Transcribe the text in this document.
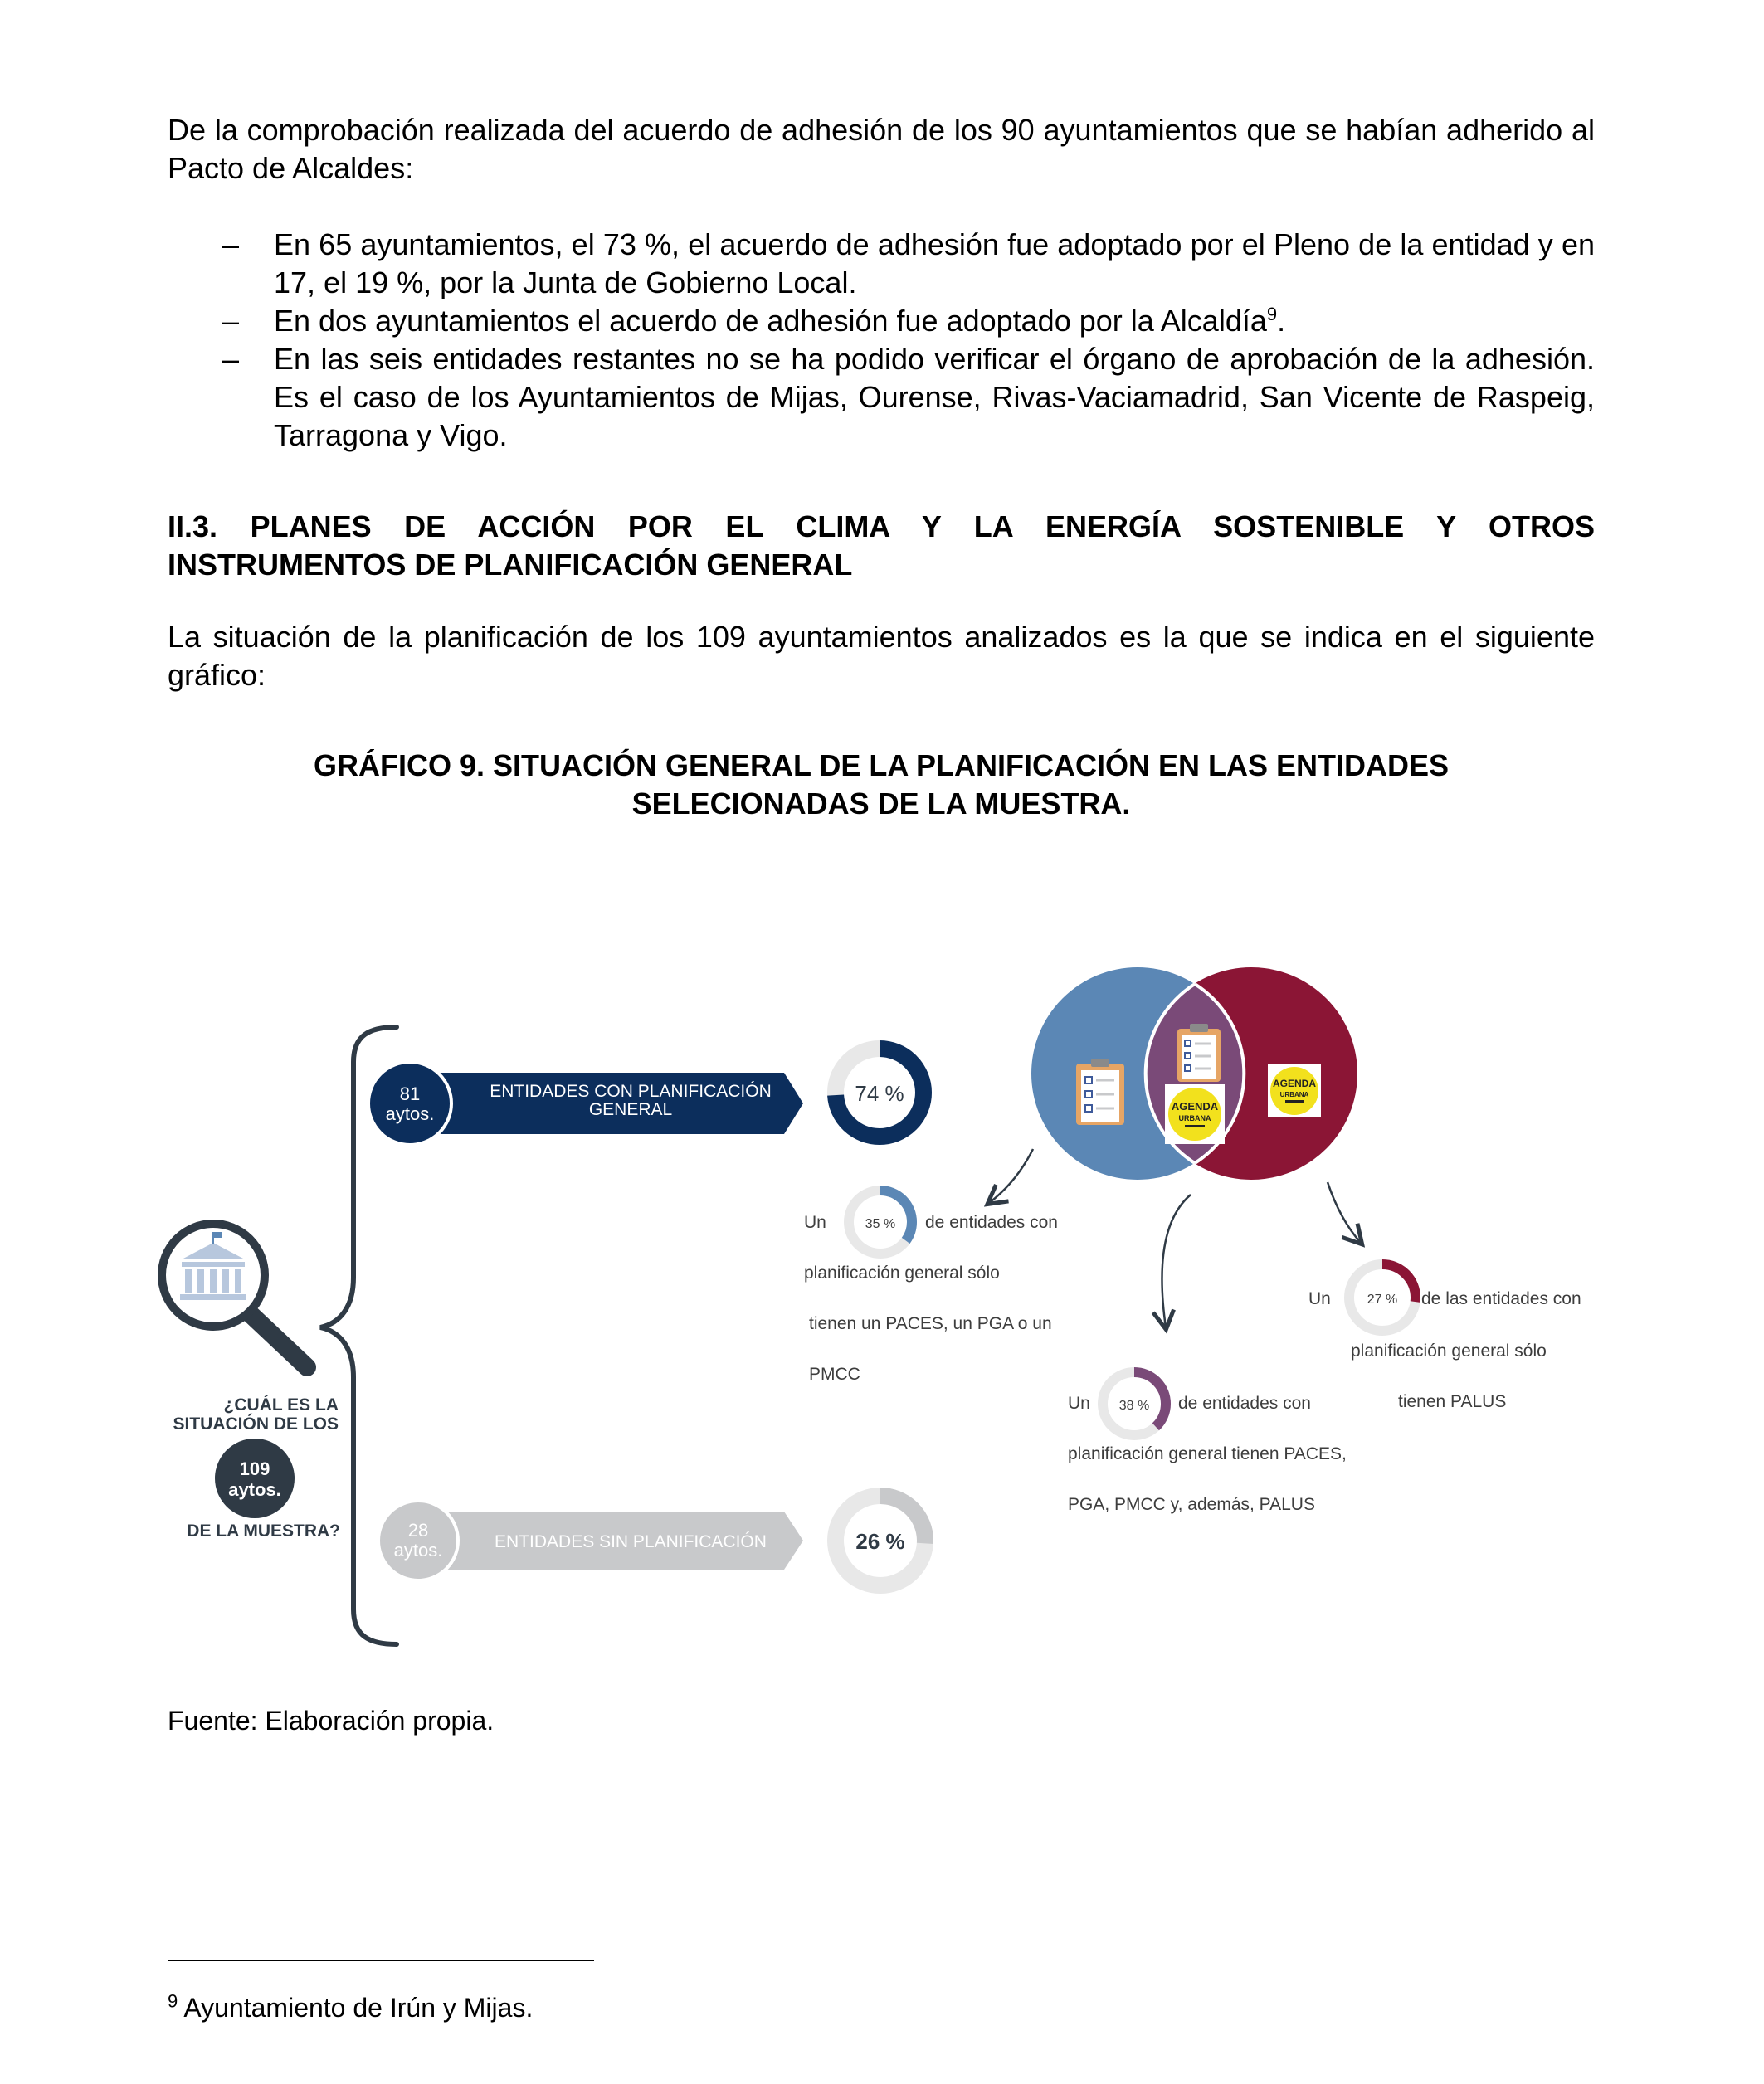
De la comprobación realizada del acuerdo de adhesión de los 90 ayuntamientos que se habían adherido al Pacto de Alcaldes:

– En 65 ayuntamientos, el 73 %, el acuerdo de adhesión fue adoptado por el Pleno de la entidad y en 17, el 19 %, por la Junta de Gobierno Local.
– En dos ayuntamientos el acuerdo de adhesión fue adoptado por la Alcaldía$^9$.
– En las seis entidades restantes no se ha podido verificar el órgano de aprobación de la adhesión. Es el caso de los Ayuntamientos de Mijas, Ourense, Rivas-Vaciamadrid, San Vicente de Raspeig, Tarragona y Vigo.
II.3. PLANES DE ACCIÓN POR EL CLIMA Y LA ENERGÍA SOSTENIBLE Y OTROS
INSTRUMENTOS DE PLANIFICACIÓN GENERAL

La situación de la planificación de los 109 ayuntamientos analizados es la que se indica en el siguiente gráfico:

GRÁFICO 9. SITUACIÓN GENERAL DE LA PLANIFICACIÓN EN LAS ENTIDADES
SELECIONADAS DE LA MUESTRA.

¿CUÁL ES LA
SITUACIÓN DE LOS
109
aytos.
DE LA MUESTRA?
81
aytos.
ENTIDADES CON PLANIFICACIÓN
GENERAL
74 %
28
aytos.	ENTIDADES SIN PLANIFICACIÓN	26 %
AGENDA
URBANA
AGENDA
URBANA
Un	35 % de entidades con
planificación general sólo
tienen un PACES, un PGA o un
PMCC
Un 38 % de entidades con
planificación general tienen PACES,
PGA, PMCC y, además, PALUS
Un	27 % de las entidades con
planificación general sólo
tienen PALUS

Fuente: Elaboración propia.

$^9$ Ayuntamiento de Irún y Mijas.
